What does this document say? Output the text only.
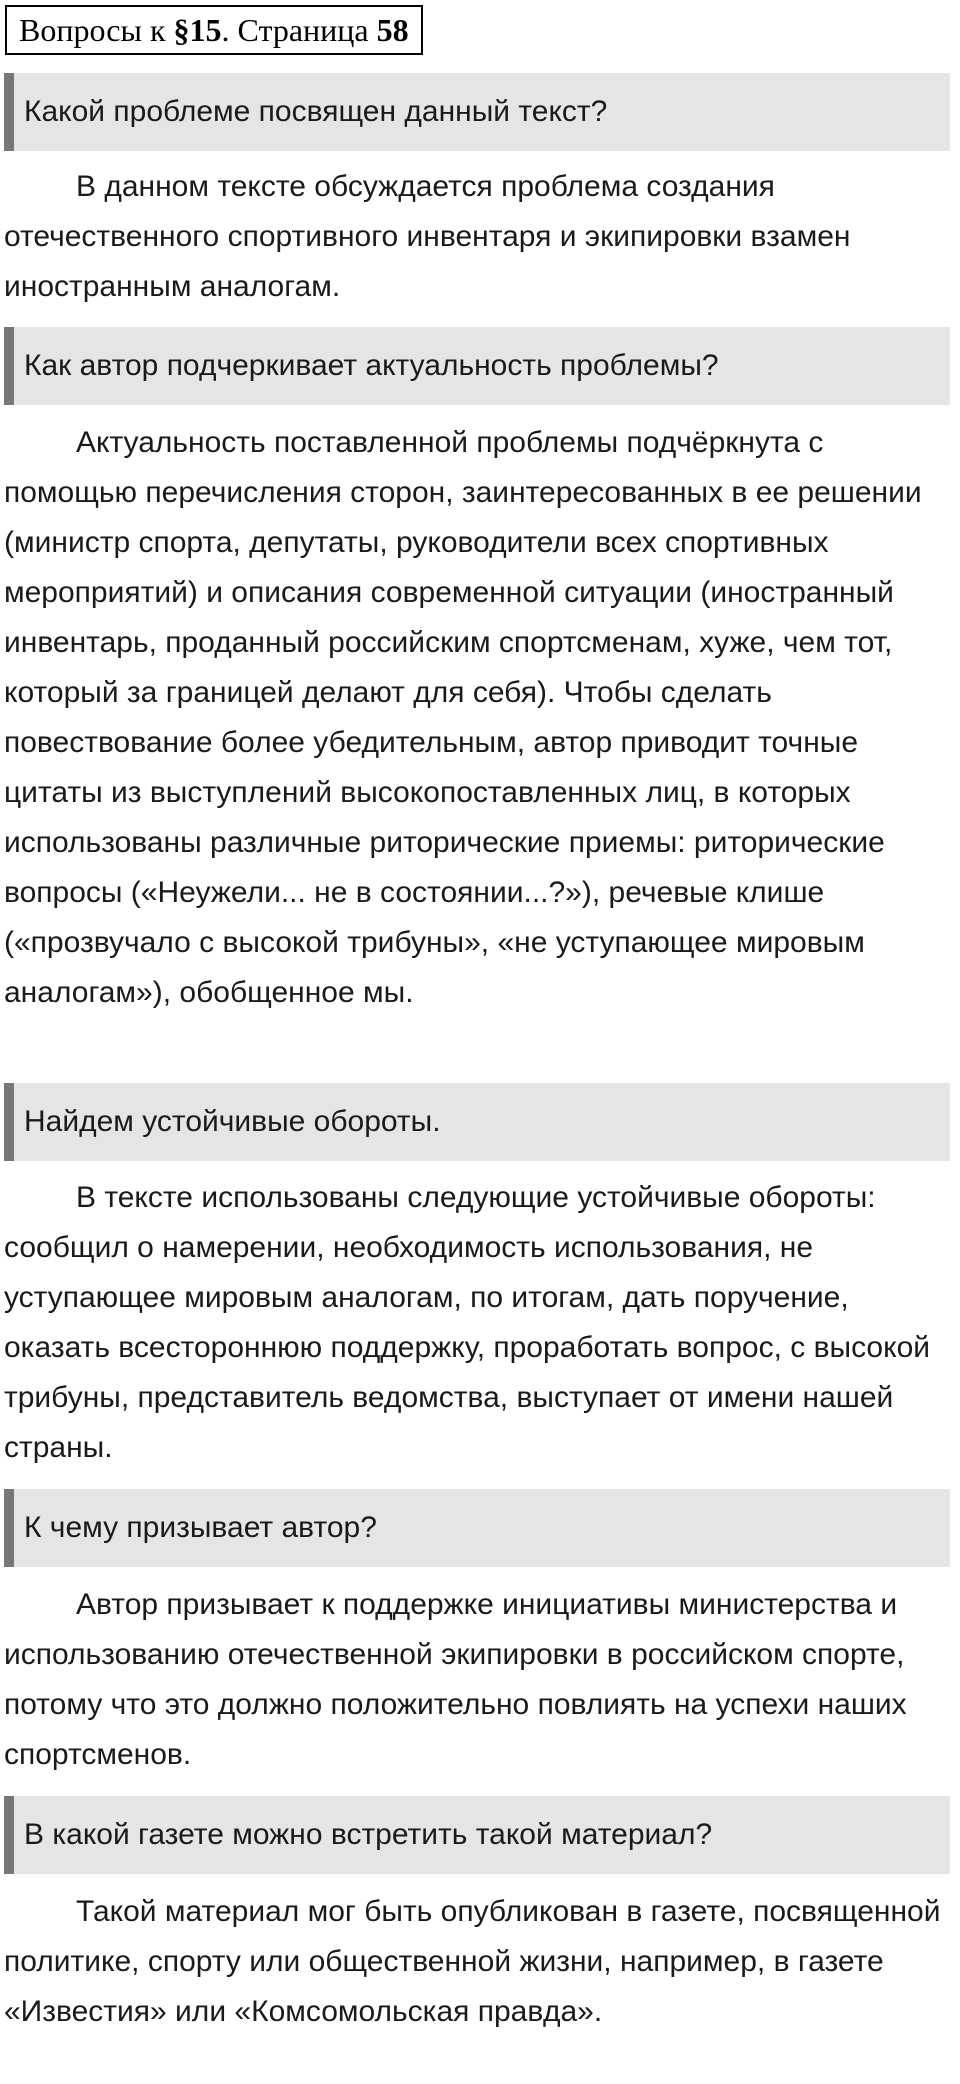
Вопросы к §15. Страница 58
Какой проблеме посвящен данный текст?

В данном тексте обсуждается проблема создания отечественного спортивного инвентаря и экипировки взамен иностранным аналогам.

Как автор подчеркивает актуальность проблемы?

Актуальность поставленной проблемы подчёркнута с помощью перечисления сторон, заинтересованных в ее решении (министр спорта, депутаты, руководители всех спортивных мероприятий) и описания современной ситуации (иностранный инвентарь, проданный российским спортсменам, хуже, чем тот, который за границей делают для себя). Чтобы сделать повествование более убедительным, автор приводит точные цитаты из выступлений высокопоставленных лиц, в которых использованы различные риторические приемы: риторические вопросы («Неужели... не в состоянии...?»), речевые клише («прозвучало с высокой трибуны», «не уступающее мировым аналогам»), обобщенное мы.

Найдем устойчивые обороты.

В тексте использованы следующие устойчивые обороты: сообщил о намерении, необходимость использования, не уступающее мировым аналогам, по итогам, дать поручение, оказать всестороннюю поддержку, проработать вопрос, с высокой трибуны, представитель ведомства, выступает от имени нашей страны.

К чему призывает автор?

Автор призывает к поддержке инициативы министерства и использованию отечественной экипировки в российском спорте, потому что это должно положительно повлиять на успехи наших спортсменов.

В какой газете можно встретить такой материал?

Такой материал мог быть опубликован в газете, посвященной политике, спорту или общественной жизни, например, в газете «Известия» или «Комсомольская правда».
